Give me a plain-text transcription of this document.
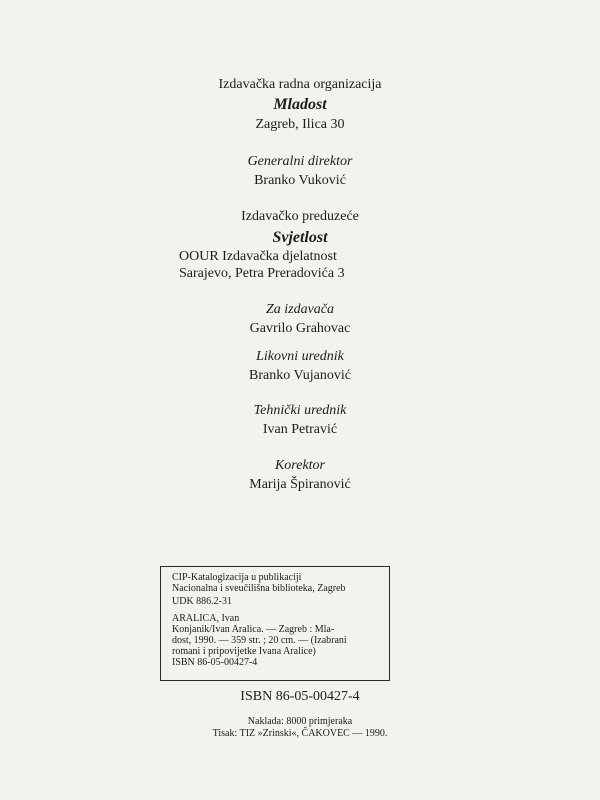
Izdavačka radna organizacija
Mladost
Zagreb, Ilica 30
Generalni direktor
Branko Vuković
Izdavačko preduzeće
Svjetlost
OOUR Izdavačka djelatnost
Sarajevo, Petra Preradovića 3
Za izdavača
Gavrilo Grahovac
Likovni urednik
Branko Vujanović
Tehnički urednik
Ivan Petravić
Korektor
Marija Špiranović
CIP-Katalogizacija u publikaciji
Nacionalna i sveučilišna biblioteka, Zagreb
UDK 886.2-31
ARALICA, Ivan
Konjanik/Ivan Aralica. — Zagreb : Mla-
dost, 1990. — 359 str. ; 20 cm. — (Izabrani
romani i pripovijetke Ivana Aralice)
ISBN 86-05-00427-4
ISBN 86-05-00427-4
Naklada: 8000 primjeraka
Tisak: TIZ »Zrinski«, ČAKOVEC — 1990.
